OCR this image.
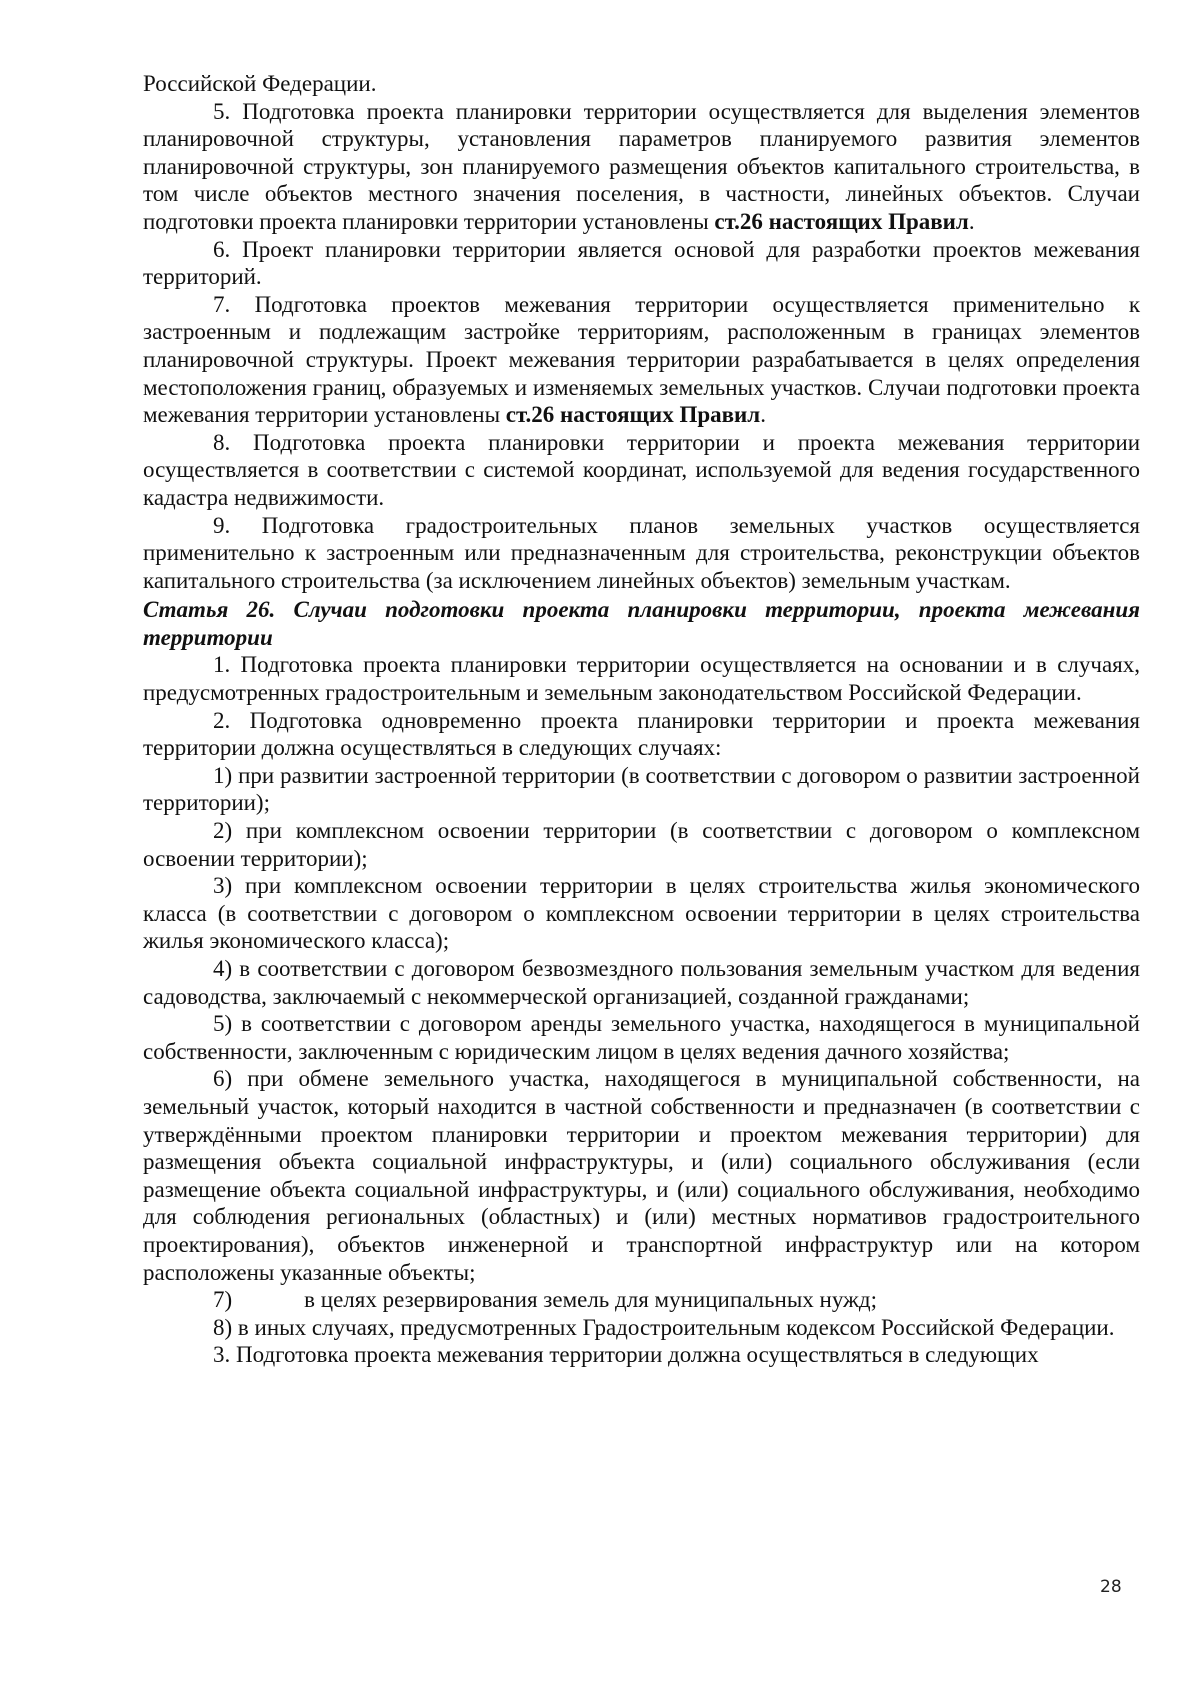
Российской Федерации.

5. Подготовка проекта планировки территории осуществляется для выделения элементов планировочной структуры, установления параметров планируемого развития элементов планировочной структуры, зон планируемого размещения объектов капитального строительства, в том числе объектов местного значения поселения, в частности, линейных объектов. Случаи подготовки проекта планировки территории установлены ст.26 настоящих Правил.

6. Проект планировки территории является основой для разработки проектов межевания территорий.

7. Подготовка проектов межевания территории осуществляется применительно к застроенным и подлежащим застройке территориям, расположенным в границах элементов планировочной структуры. Проект межевания территории разрабатывается в целях определения местоположения границ, образуемых и изменяемых земельных участков. Случаи подготовки проекта межевания территории установлены ст.26 настоящих Правил.

8. Подготовка проекта планировки территории и проекта межевания территории осуществляется в соответствии с системой координат, используемой для ведения государственного кадастра недвижимости.

9. Подготовка градостроительных планов земельных участков осуществляется применительно к застроенным или предназначенным для строительства, реконструкции объектов капитального строительства (за исключением линейных объектов) земельным участкам.

Статья 26. Случаи подготовки проекта планировки территории, проекта межевания территории

1. Подготовка проекта планировки территории осуществляется на основании и в случаях, предусмотренных градостроительным и земельным законодательством Российской Федерации.

2. Подготовка одновременно проекта планировки территории и проекта межевания территории должна осуществляться в следующих случаях:

1) при развитии застроенной территории (в соответствии с договором о развитии застроенной территории);

2) при комплексном освоении территории (в соответствии с договором о комплексном освоении территории);

3) при комплексном освоении территории в целях строительства жилья экономического класса (в соответствии с договором о комплексном освоении территории в целях строительства жилья экономического класса);

4) в соответствии с договором безвозмездного пользования земельным участком для ведения садоводства, заключаемый с некоммерческой организацией, созданной гражданами;

5) в соответствии с договором аренды земельного участка, находящегося в муниципальной собственности, заключенным с юридическим лицом в целях ведения дачного хозяйства;

6) при обмене земельного участка, находящегося в муниципальной собственности, на земельный участок, который находится в частной собственности и предназначен (в соответствии с утверждёнными проектом планировки территории и проектом межевания территории) для размещения объекта социальной инфраструктуры, и (или) социального обслуживания (если размещение объекта социальной инфраструктуры, и (или) социального обслуживания, необходимо для соблюдения региональных (областных) и (или) местных нормативов градостроительного проектирования), объектов инженерной и транспортной инфраструктур или на котором расположены указанные объекты;

7)	в целях резервирования земель для муниципальных нужд;

8) в иных случаях, предусмотренных Градостроительным кодексом Российской Федерации.

3. Подготовка проекта межевания территории должна осуществляться в следующих

28
